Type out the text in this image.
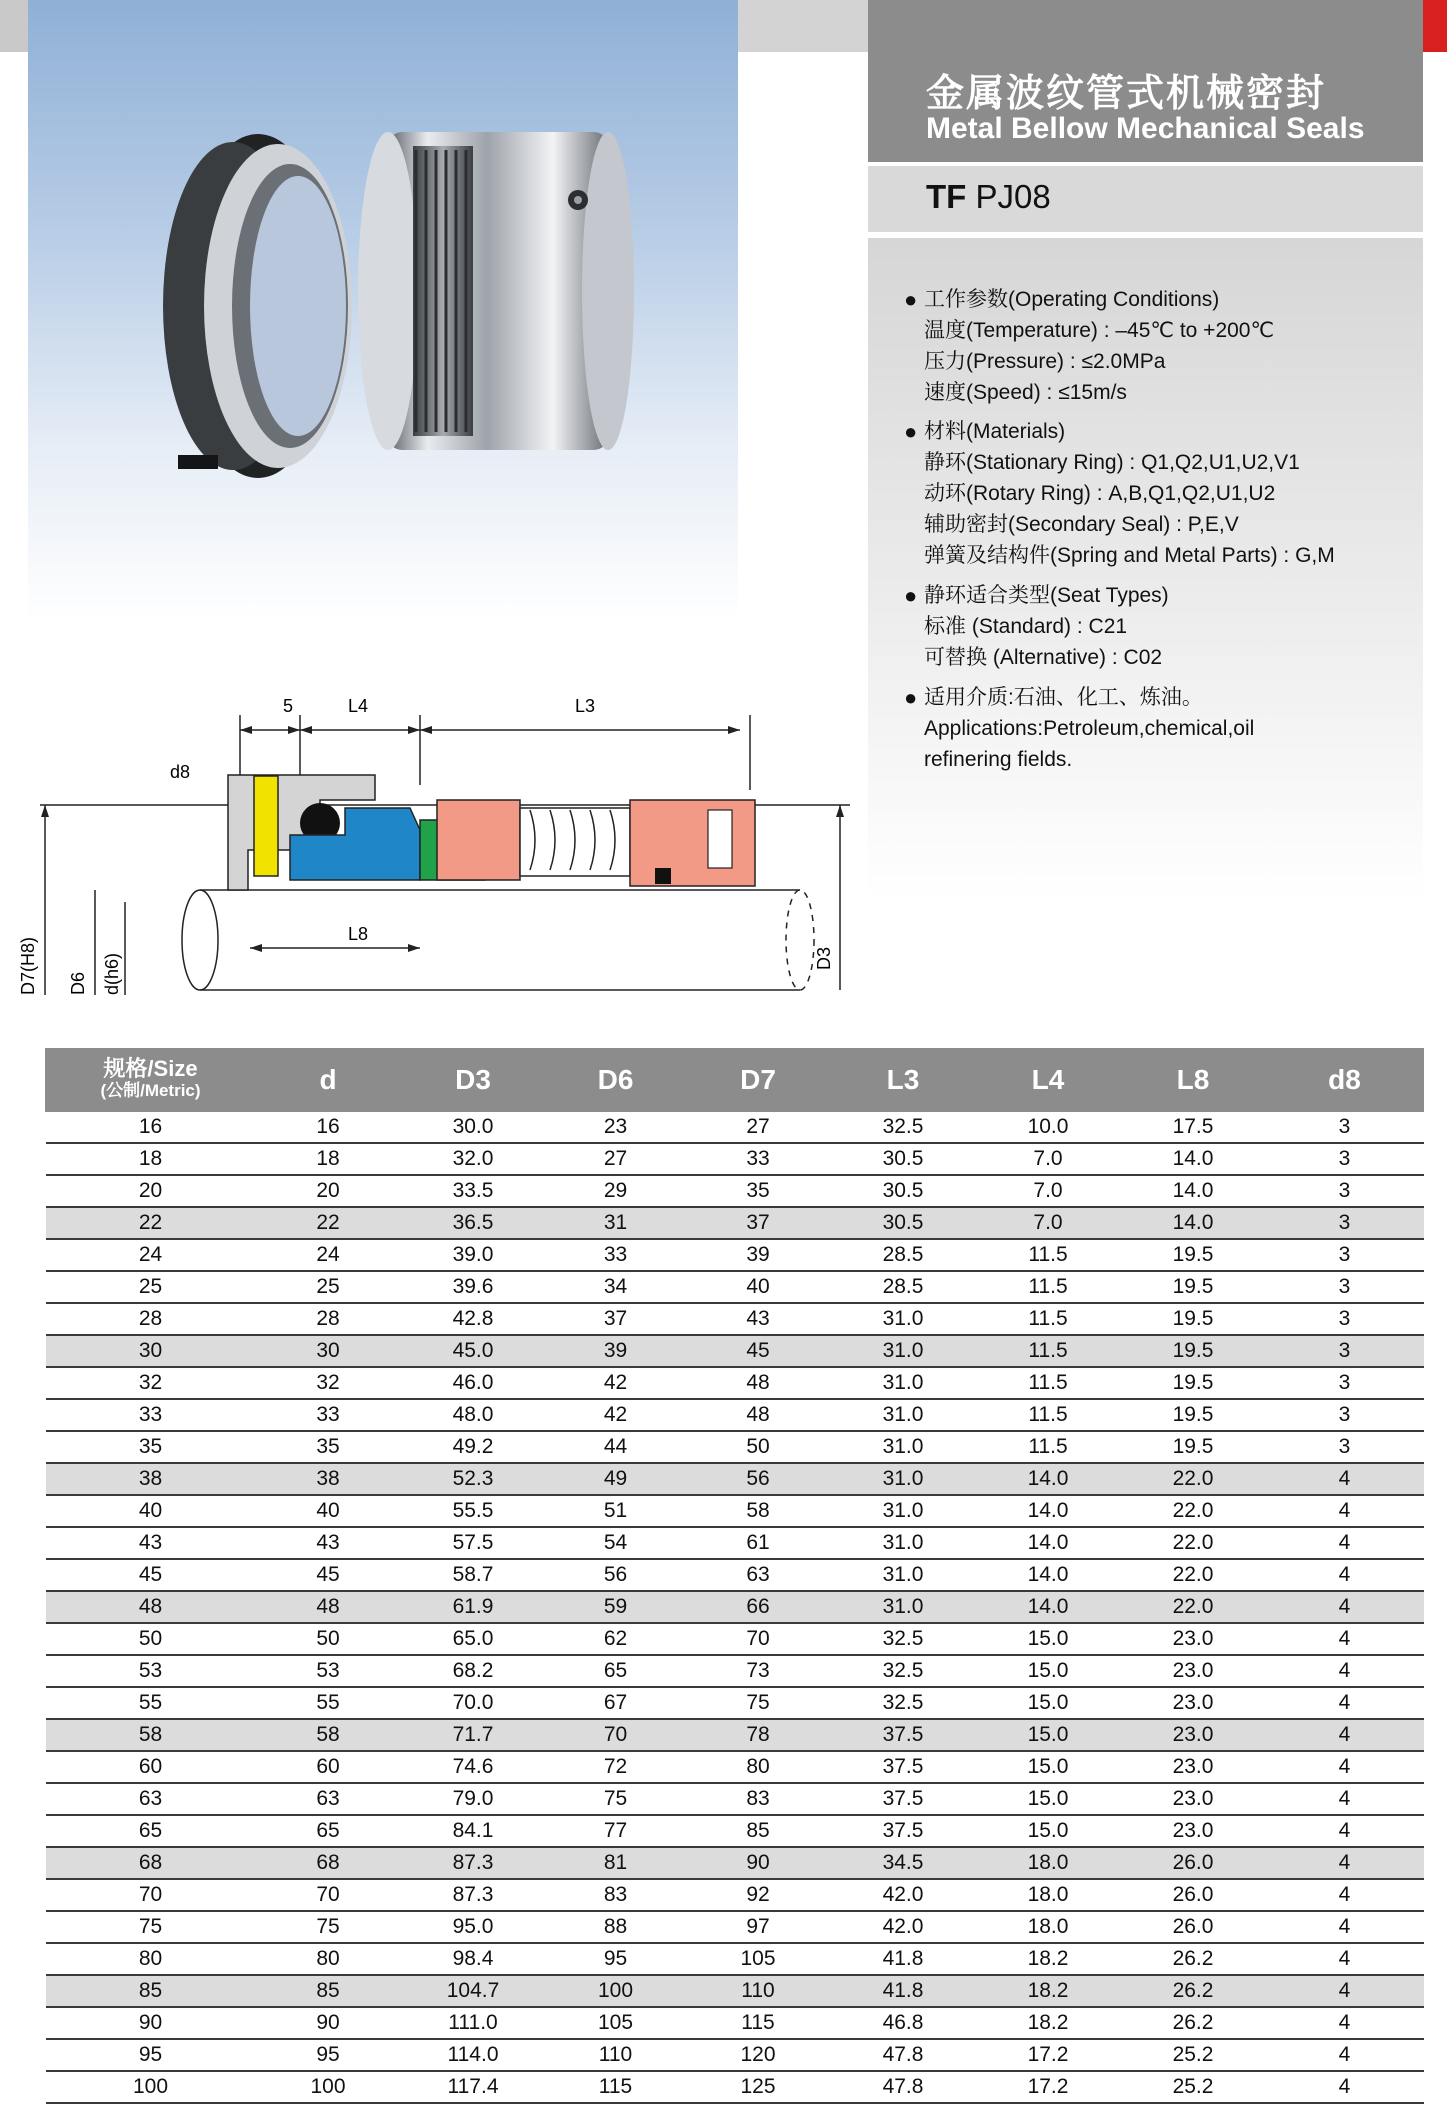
金属波纹管式机械密封
Metal Bellow Mechanical Seals
TF PJ08
● 工作参数(Operating Conditions)
温度(Temperature) : –45℃ to +200℃
压力(Pressure) : ≤2.0MPa
速度(Speed) : ≤15m/s
● 材料(Materials)
静环(Stationary Ring) : Q1,Q2,U1,U2,V1
动环(Rotary Ring) : A,B,Q1,Q2,U1,U2
辅助密封(Secondary Seal) : P,E,V
弹簧及结构件(Spring and Metal Parts) : G,M
● 静环适合类型(Seat Types)
标准 (Standard) : C21
可替换 (Alternative) : C02
● 适用介质:石油、化工、炼油。
Applications:Petroleum,chemical,oil
refinering fields.
5	L4	L3
d8
L8
D7(H8) D6 d(h6)	D3
规格/Size
(公制/Metric)	d	D3	D6	D7	L3	L4	L8	d8
16	16	30.0	23	27	32.5	10.0	17.5	3
18	18	32.0	27	33	30.5	7.0	14.0	3
20	20	33.5	29	35	30.5	7.0	14.0	3
22	22	36.5	31	37	30.5	7.0	14.0	3
24	24	39.0	33	39	28.5	11.5	19.5	3
25	25	39.6	34	40	28.5	11.5	19.5	3
28	28	42.8	37	43	31.0	11.5	19.5	3
30	30	45.0	39	45	31.0	11.5	19.5	3
32	32	46.0	42	48	31.0	11.5	19.5	3
33	33	48.0	42	48	31.0	11.5	19.5	3
35	35	49.2	44	50	31.0	11.5	19.5	3
38	38	52.3	49	56	31.0	14.0	22.0	4
40	40	55.5	51	58	31.0	14.0	22.0	4
43	43	57.5	54	61	31.0	14.0	22.0	4
45	45	58.7	56	63	31.0	14.0	22.0	4
48	48	61.9	59	66	31.0	14.0	22.0	4
50	50	65.0	62	70	32.5	15.0	23.0	4
53	53	68.2	65	73	32.5	15.0	23.0	4
55	55	70.0	67	75	32.5	15.0	23.0	4
58	58	71.7	70	78	37.5	15.0	23.0	4
60	60	74.6	72	80	37.5	15.0	23.0	4
63	63	79.0	75	83	37.5	15.0	23.0	4
65	65	84.1	77	85	37.5	15.0	23.0	4
68	68	87.3	81	90	34.5	18.0	26.0	4
70	70	87.3	83	92	42.0	18.0	26.0	4
75	75	95.0	88	97	42.0	18.0	26.0	4
80	80	98.4	95	105	41.8	18.2	26.2	4
85	85	104.7	100	110	41.8	18.2	26.2	4
90	90	111.0	105	115	46.8	18.2	26.2	4
95	95	114.0	110	120	47.8	17.2	25.2	4
100	100	117.4	115	125	47.8	17.2	25.2	4
